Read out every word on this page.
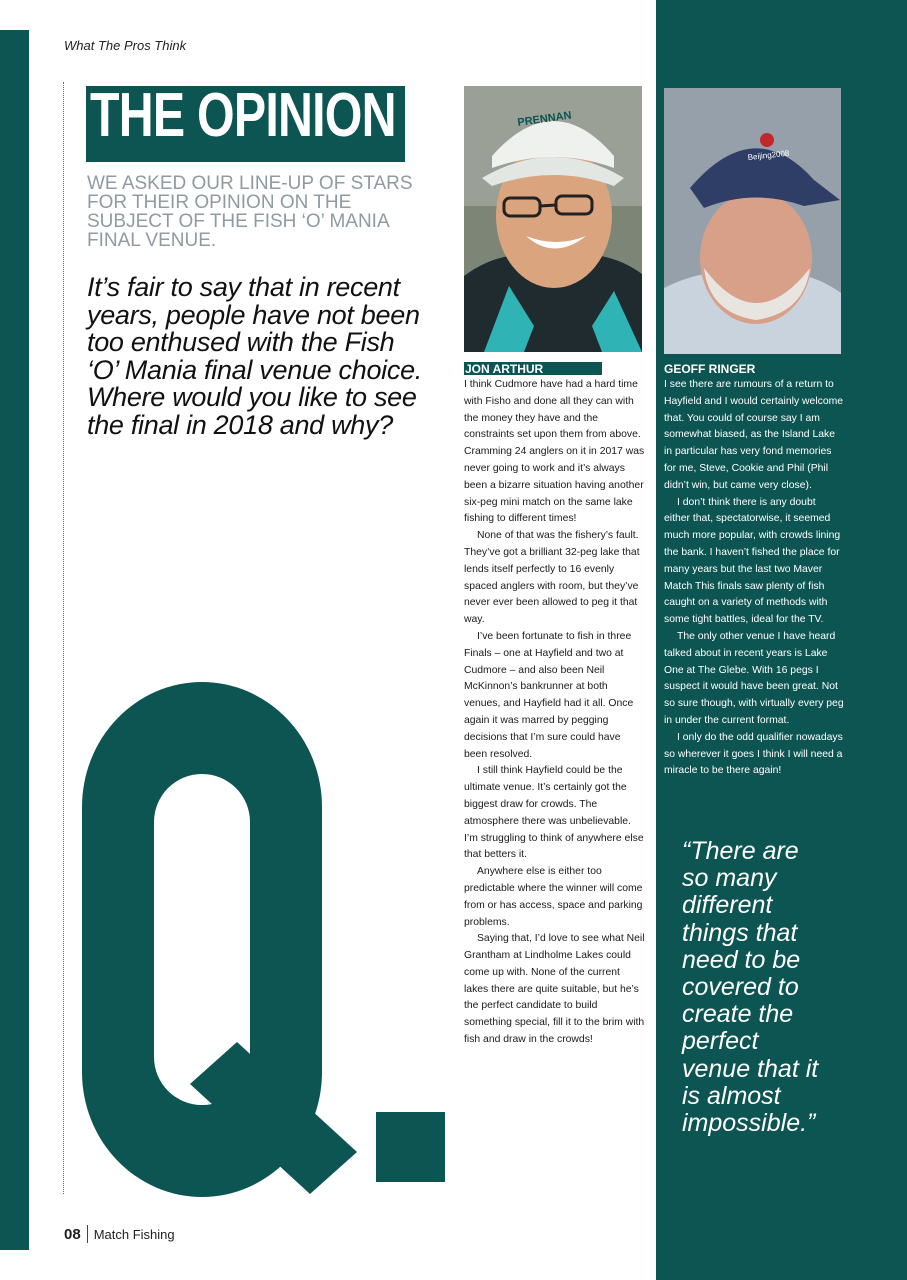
What The Pros Think
THE OPINION
WE ASKED OUR LINE-UP OF STARS FOR THEIR OPINION ON THE SUBJECT OF THE FISH ‘O’ MANIA FINAL VENUE.
It’s fair to say that in recent years, people have not been too enthused with the Fish ‘O’ Mania final venue choice. Where would you like to see the final in 2018 and why?
PRENNAN
Beijing2008
JON ARTHUR	GEOFF RINGER

I think Cudmore have had a hard time with Fisho and done all they can with the money they have and the constraints set upon them from above. Cramming 24 anglers on it in 2017 was never going to work and it’s always been a bizarre situation having another six-peg mini match on the same lake fishing to different times!

None of that was the fishery’s fault. They’ve got a brilliant 32-peg lake that lends itself perfectly to 16 evenly spaced anglers with room, but they’ve never ever been allowed to peg it that way.

I’ve been fortunate to fish in three Finals – one at Hayfield and two at Cudmore – and also been Neil McKinnon’s bankrunner at both venues, and Hayfield had it all. Once again it was marred by pegging decisions that I’m sure could have been resolved.

I still think Hayfield could be the ultimate venue. It’s certainly got the biggest draw for crowds. The atmosphere there was unbelievable. I’m struggling to think of anywhere else that betters it.

Anywhere else is either too predictable where the winner will come from or has access, space and parking problems.

Saying that, I’d love to see what Neil Grantham at Lindholme Lakes could come up with. None of the current lakes there are quite suitable, but he’s the perfect candidate to build something special, fill it to the brim with fish and draw in the crowds!

I see there are rumours of a return to Hayfield and I would certainly welcome that. You could of course say I am somewhat biased, as the Island Lake in particular has very fond memories for me, Steve, Cookie and Phil (Phil didn’t win, but came very close).

I don’t think there is any doubt either that, spectatorwise, it seemed much more popular, with crowds lining the bank. I haven’t fished the place for many years but the last two Maver Match This finals saw plenty of fish caught on a variety of methods with some tight battles, ideal for the TV.

The only other venue I have heard talked about in recent years is Lake One at The Glebe. With 16 pegs I suspect it would have been great. Not so sure though, with virtually every peg in under the current format.

I only do the odd qualifier nowadays so wherever it goes I think I will need a miracle to be there again!

“There are so many different things that need to be covered to create the perfect venue that it is almost impossible.”
08 Match Fishing
